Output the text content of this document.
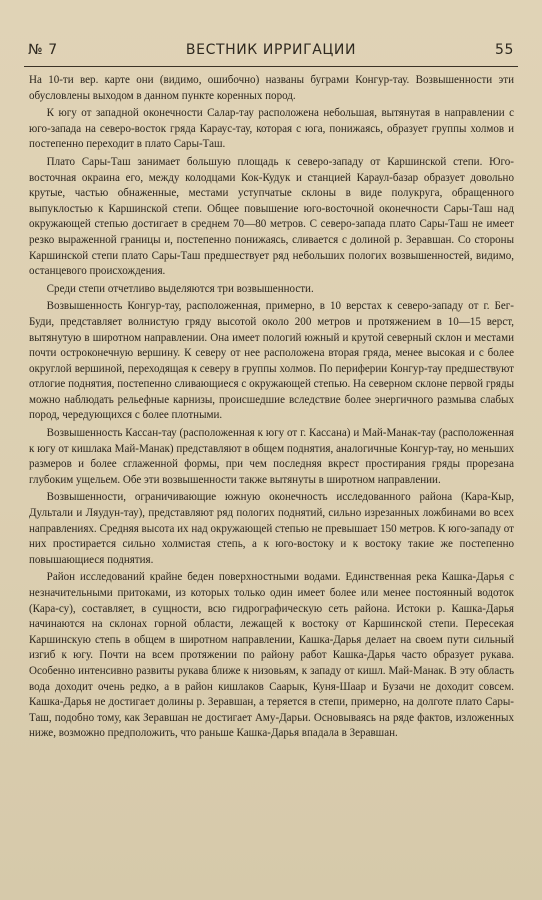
№ 7	ВЕСТНИК ИРРИГАЦИИ	55

На 10-ти вер. карте они (видимо, ошибочно) названы буграми Конгур-тау. Возвышенности эти обусловлены выходом в данном пункте коренных пород.

К югу от западной оконечности Салар-тау расположена небольшая, вытянутая в направлении с юго-запада на северо-восток гряда Карауc-тау, которая с юга, понижаясь, образует группы холмов и постепенно переходит в плато Сары-Таш.

Плато Сары-Таш занимает большую площадь к северо-западу от Каршинской степи. Юго-восточная окраина его, между колодцами Кок-Кудук и станцией Караул-базар образует довольно крутые, частью обнаженные, местами уступчатые склоны в виде полукруга, обращенного выпуклостью к Каршинской степи. Общее повышение юго-восточной оконечности Сары-Таш над окружающей степью достигает в среднем 70—80 метров. С северо-запада плато Сары-Таш не имеет резко выраженной границы и, постепенно понижаясь, сливается с долиной р. Зеравшан. Со стороны Каршинской степи плато Сары-Таш предшествует ряд небольших пологих возвышенностей, видимо, останцевого происхождения.

Среди степи отчетливо выделяются три возвышенности.

Возвышенность Конгур-тау, расположенная, примерно, в 10 верстах к северо-западу от г. Бег-Буди, представляет волнистую гряду высотой около 200 метров и протяжением в 10—15 верст, вытянутую в широтном направлении. Она имеет пологий южный и крутой северный склон и местами почти остроконечную вершину. К северу от нее расположена вторая гряда, менее высокая и с более округлой вершиной, переходящая к северу в группы холмов. По периферии Конгур-тау предшествуют отлогие поднятия, постепенно сливающиеся с окружающей степью. На северном склоне первой гряды можно наблюдать рельефные карнизы, происшедшие вследствие более энергичного размыва слабых пород, чередующихся с более плотными.

Возвышенность Кассан-тау (расположенная к югу от г. Кассана) и Май-Манак-тау (расположенная к югу от кишлака Май-Манак) представляют в общем поднятия, аналогичные Конгур-тау, но меньших размеров и более сглаженной формы, при чем последняя вкрест простирания гряды прорезана глубоким ущельем. Обе эти возвышенности также вытянуты в широтном направлении.

Возвышенности, ограничивающие южную оконечность исследованного района (Кара-Кыр, Дультали и Ляудун-тау), представляют ряд пологих поднятий, сильно изрезанных ложбинами во всех направлениях. Средняя высота их над окружающей степью не превышает 150 метров. К юго-западу от них простирается сильно холмистая степь, а к юго-востоку и к востоку такие же постепенно повышающиеся поднятия.

Район исследований крайне беден поверхностными водами. Единственная река Кашка-Дарья с незначительными притоками, из которых только один имеет более или менее постоянный водоток (Кара-су), составляет, в сущности, всю гидрографическую сеть района. Истоки р. Кашка-Дарья начинаются на склонах горной области, лежащей к востоку от Каршинской степи. Пересекая Каршинскую степь в общем в широтном направлении, Кашка-Дарья делает на своем пути сильный изгиб к югу. Почти на всем протяжении по району работ Кашка-Дарья часто образует рукава. Особенно интенсивно развиты рукава ближе к низовьям, к западу от кишл. Май-Манак. В эту область вода доходит очень редко, а в район кишлаков Саарык, Куня-Шаар и Бузачи не доходит совсем. Кашка-Дарья не достигает долины р. Зеравшан, а теряется в степи, примерно, на долготе плато Сары-Таш, подобно тому, как Зеравшан не достигает Аму-Дарьи. Основываясь на ряде фактов, изложенных ниже, возможно предположить, что раньше Кашка-Дарья впадала в Зеравшан.
